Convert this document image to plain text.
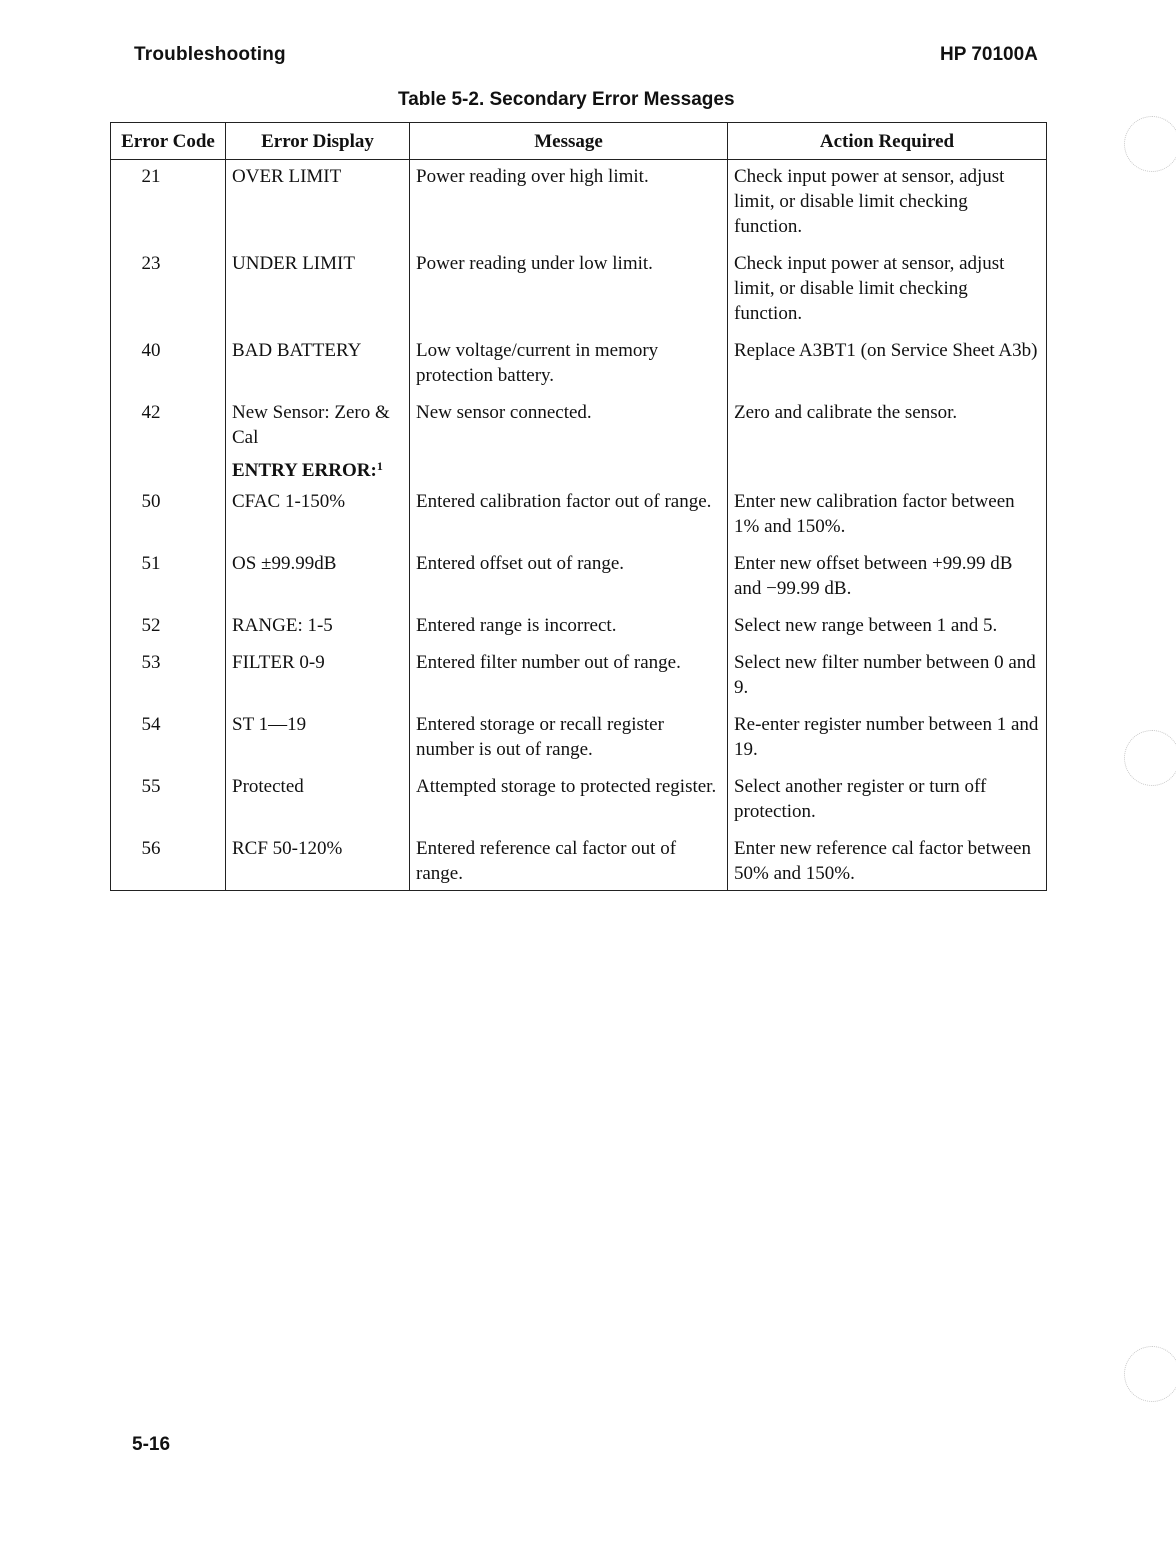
Troubleshooting	HP 70100A
Table 5-2. Secondary Error Messages
Error Code	Error Display	Message	Action Required
21	OVER LIMIT	Power reading over high limit.	Check input power at sensor, adjust limit, or disable limit checking function.
23	UNDER LIMIT	Power reading under low limit.	Check input power at sensor, adjust limit, or disable limit checking function.
40	BAD BATTERY	Low voltage/current in memory protection battery.	Replace A3BT1 (on Service Sheet A3b)
42	New Sensor: Zero & Cal	New sensor connected.	Zero and calibrate the sensor.
	ENTRY ERROR:$^1$		
50	CFAC 1-150%	Entered calibration factor out of range.	Enter new calibration factor between 1% and 150%.
51	OS ±99.99dB	Entered offset out of range.	Enter new offset between +99.99 dB and −99.99 dB.
52	RANGE: 1-5	Entered range is incorrect.	Select new range between 1 and 5.
53	FILTER 0-9	Entered filter number out of range.	Select new filter number between 0 and 9.
54	ST 1—19	Entered storage or recall register number is out of range.	Re-enter register number between 1 and 19.
55	Protected	Attempted storage to protected register.	Select another register or turn off protection.
56	RCF 50-120%	Entered reference cal factor out of range.	Enter new reference cal factor between 50% and 150%.
5-16
